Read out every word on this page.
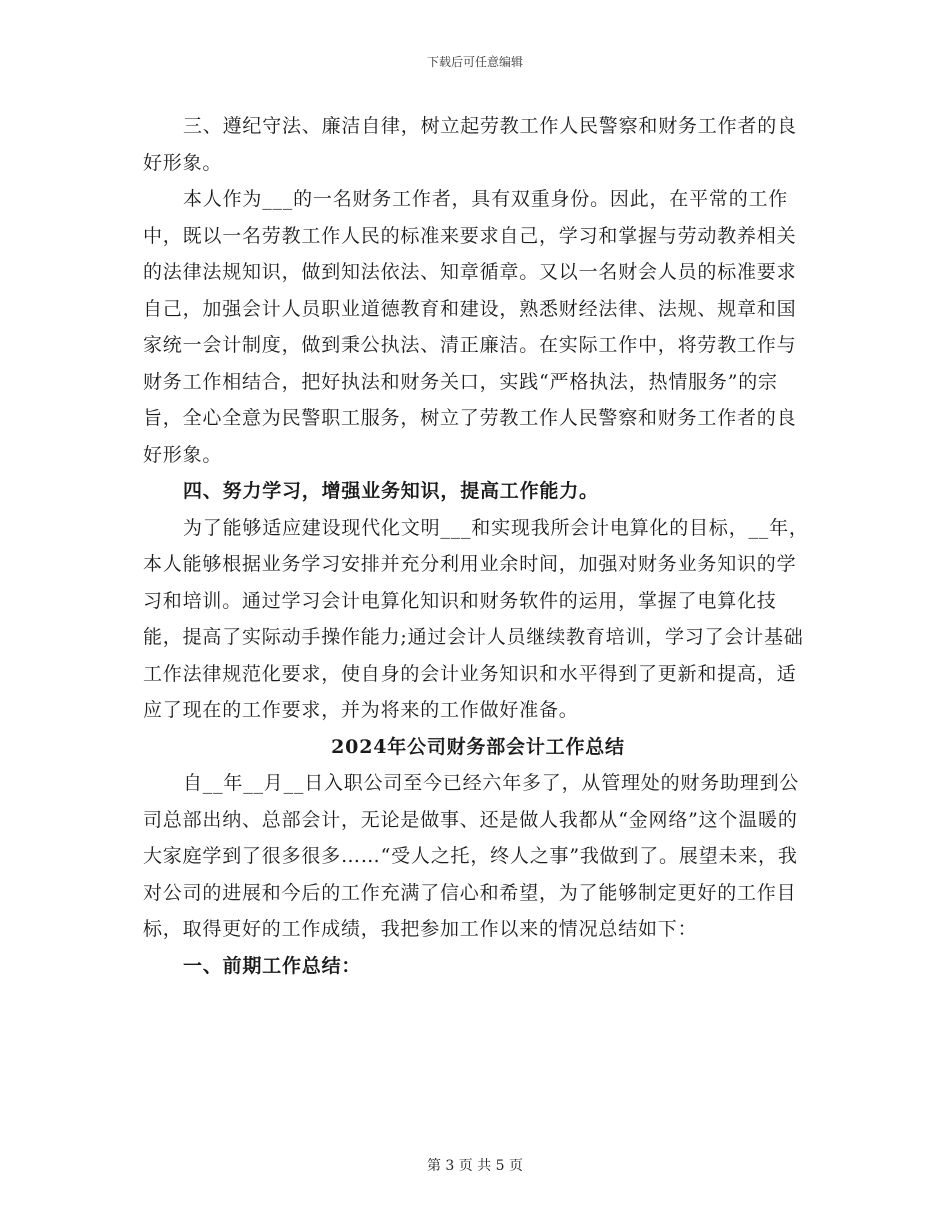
下载后可任意编辑

三、遵纪守法、廉洁自律，树立起劳教工作人民警察和财务工作者的良好形象。

本人作为___的一名财务工作者，具有双重身份。因此，在平常的工作中，既以一名劳教工作人民的标准来要求自己，学习和掌握与劳动教养相关的法律法规知识，做到知法依法、知章循章。又以一名财会人员的标准要求自己，加强会计人员职业道德教育和建设，熟悉财经法律、法规、规章和国家统一会计制度，做到秉公执法、清正廉洁。在实际工作中，将劳教工作与财务工作相结合，把好执法和财务关口，实践“严格执法，热情服务”的宗旨，全心全意为民警职工服务，树立了劳教工作人民警察和财务工作者的良好形象。

四、努力学习，增强业务知识，提高工作能力。

为了能够适应建设现代化文明___和实现我所会计电算化的目标，__年，本人能够根据业务学习安排并充分利用业余时间，加强对财务业务知识的学习和培训。通过学习会计电算化知识和财务软件的运用，掌握了电算化技能，提高了实际动手操作能力;通过会计人员继续教育培训，学习了会计基础工作法律规范化要求，使自身的会计业务知识和水平得到了更新和提高，适应了现在的工作要求，并为将来的工作做好准备。

2024年公司财务部会计工作总结

自__年__月__日入职公司至今已经六年多了，从管理处的财务助理到公司总部出纳、总部会计，无论是做事、还是做人我都从“金网络”这个温暖的大家庭学到了很多很多……“受人之托，终人之事”我做到了。展望未来，我对公司的进展和今后的工作充满了信心和希望，为了能够制定更好的工作目标，取得更好的工作成绩，我把参加工作以来的情况总结如下：

一、前期工作总结：

第 3 页 共 5 页
